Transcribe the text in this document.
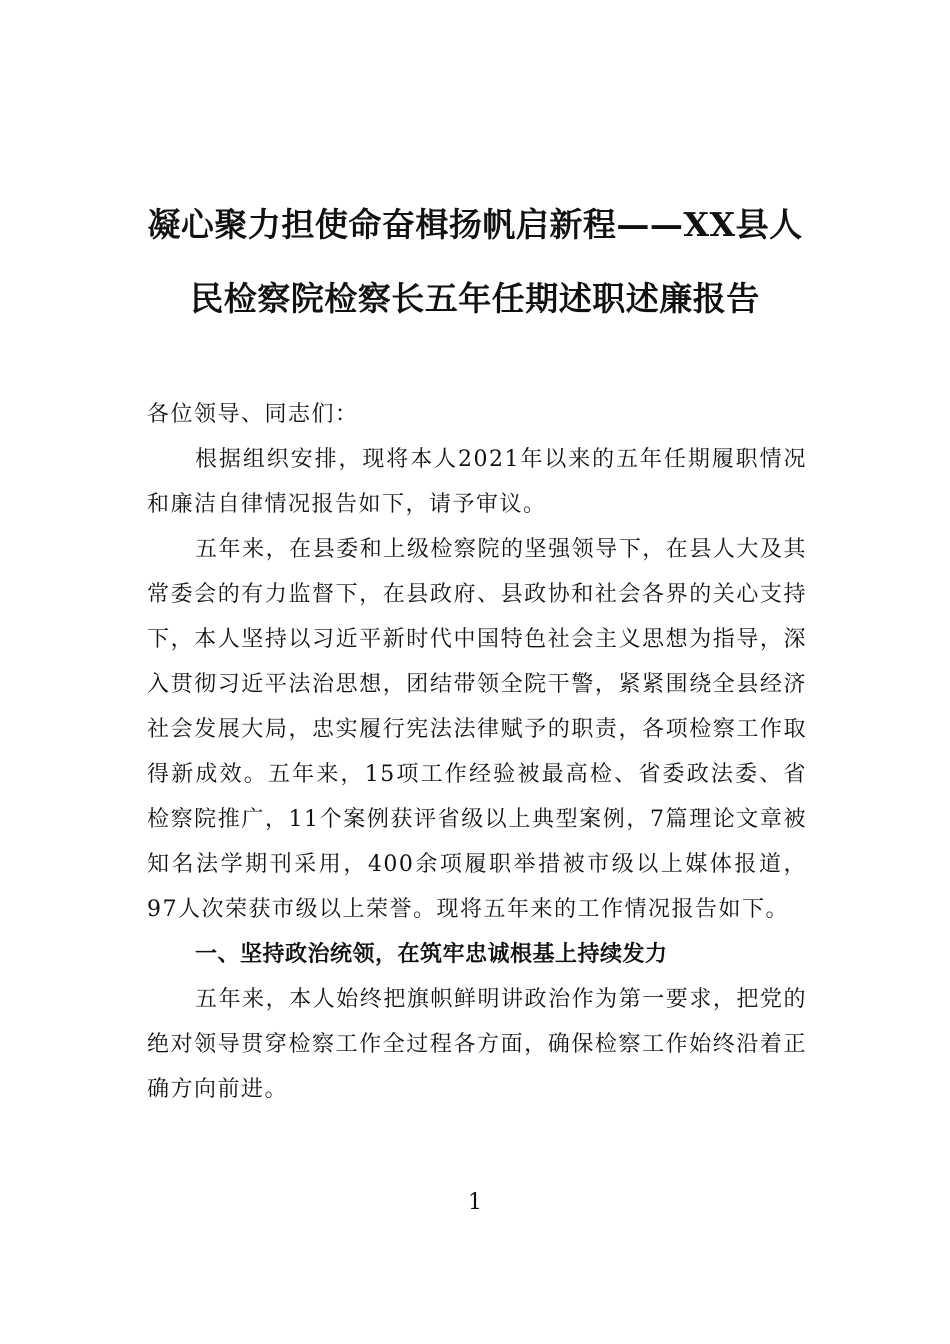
凝心聚力担使命奋楫扬帆启新程——XX县人民检察院检察长五年任期述职述廉报告

各位领导、同志们：

根据组织安排，现将本人2021年以来的五年任期履职情况和廉洁自律情况报告如下，请予审议。

五年来，在县委和上级检察院的坚强领导下，在县人大及其常委会的有力监督下，在县政府、县政协和社会各界的关心支持下，本人坚持以习近平新时代中国特色社会主义思想为指导，深入贯彻习近平法治思想，团结带领全院干警，紧紧围绕全县经济社会发展大局，忠实履行宪法法律赋予的职责，各项检察工作取得新成效。五年来，15项工作经验被最高检、省委政法委、省检察院推广，11个案例获评省级以上典型案例，7篇理论文章被知名法学期刊采用，400余项履职举措被市级以上媒体报道，97人次荣获市级以上荣誉。现将五年来的工作情况报告如下。

一、坚持政治统领，在筑牢忠诚根基上持续发力

五年来，本人始终把旗帜鲜明讲政治作为第一要求，把党的绝对领导贯穿检察工作全过程各方面，确保检察工作始终沿着正确方向前进。

1
